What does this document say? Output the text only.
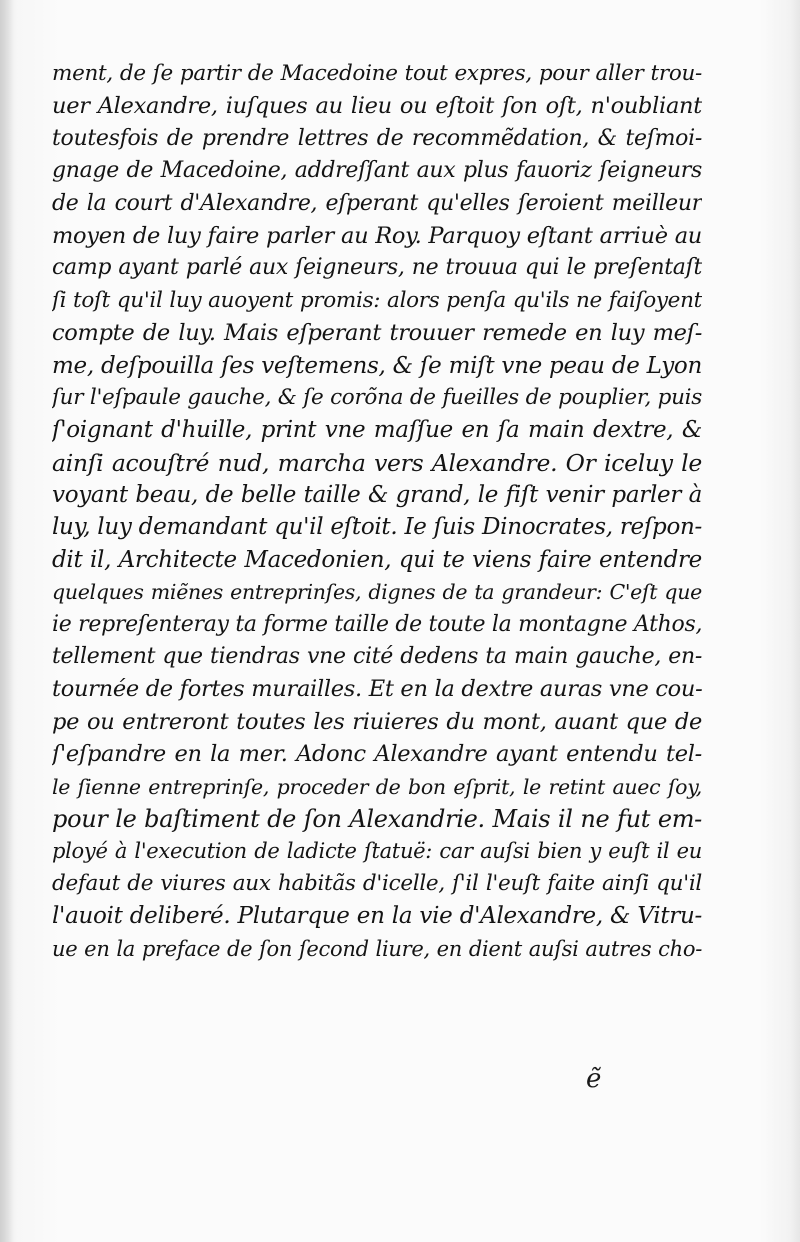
ment, de ſe partir de Macedoine tout expres, pour aller trou-
uer Alexandre, iuſques au lieu ou eſtoit ſon oſt, n'oubliant
toutesfois de prendre lettres de recommẽdation, & teſmoi-
gnage de Macedoine, addreſſant aux plus fauoriz ſeigneurs
de la court d'Alexandre, eſperant qu'elles ſeroient meilleur
moyen de luy faire parler au Roy. Parquoy eſtant arriuè au
camp ayant parlé aux ſeigneurs, ne trouua qui le preſentaſt
ſi toſt qu'il luy auoyent promis: alors penſa qu'ils ne faiſoyent
compte de luy. Mais eſperant trouuer remede en luy meſ-
me, deſpouilla ſes veſtemens, & ſe miſt vne peau de Lyon
ſur l'eſpaule gauche, & ſe corõna de fueilles de pouplier, puis
ſ'oignant d'huille, print vne maſſue en ſa main dextre, &
ainſi acouſtré nud, marcha vers Alexandre. Or iceluy le
voyant beau, de belle taille & grand, le fiſt venir parler à
luy, luy demandant qu'il eſtoit. Ie ſuis Dinocrates, reſpon-
dit il, Architecte Macedonien, qui te viens faire entendre
quelques miẽnes entreprinſes, dignes de ta grandeur: C'eſt que
ie repreſenteray ta forme taille de toute la montagne Athos,
tellement que tiendras vne cité dedens ta main gauche, en-
tournée de fortes murailles. Et en la dextre auras vne cou-
pe ou entreront toutes les riuieres du mont, auant que de
ſ'eſpandre en la mer. Adonc Alexandre ayant entendu tel-
le ſienne entreprinſe, proceder de bon eſprit, le retint auec ſoy,
pour le baſtiment de ſon Alexandrie. Mais il ne fut em-
ployé à l'execution de ladicte ſtatuë: car auſsi bien y euſt il eu
defaut de viures aux habitãs d'icelle, ſ'il l'euſt faite ainſi qu'il
l'auoit deliberé. Plutarque en la vie d'Alexandre, & Vitru-
ue en la preface de ſon ſecond liure, en dient auſsi autres cho-
ẽ
